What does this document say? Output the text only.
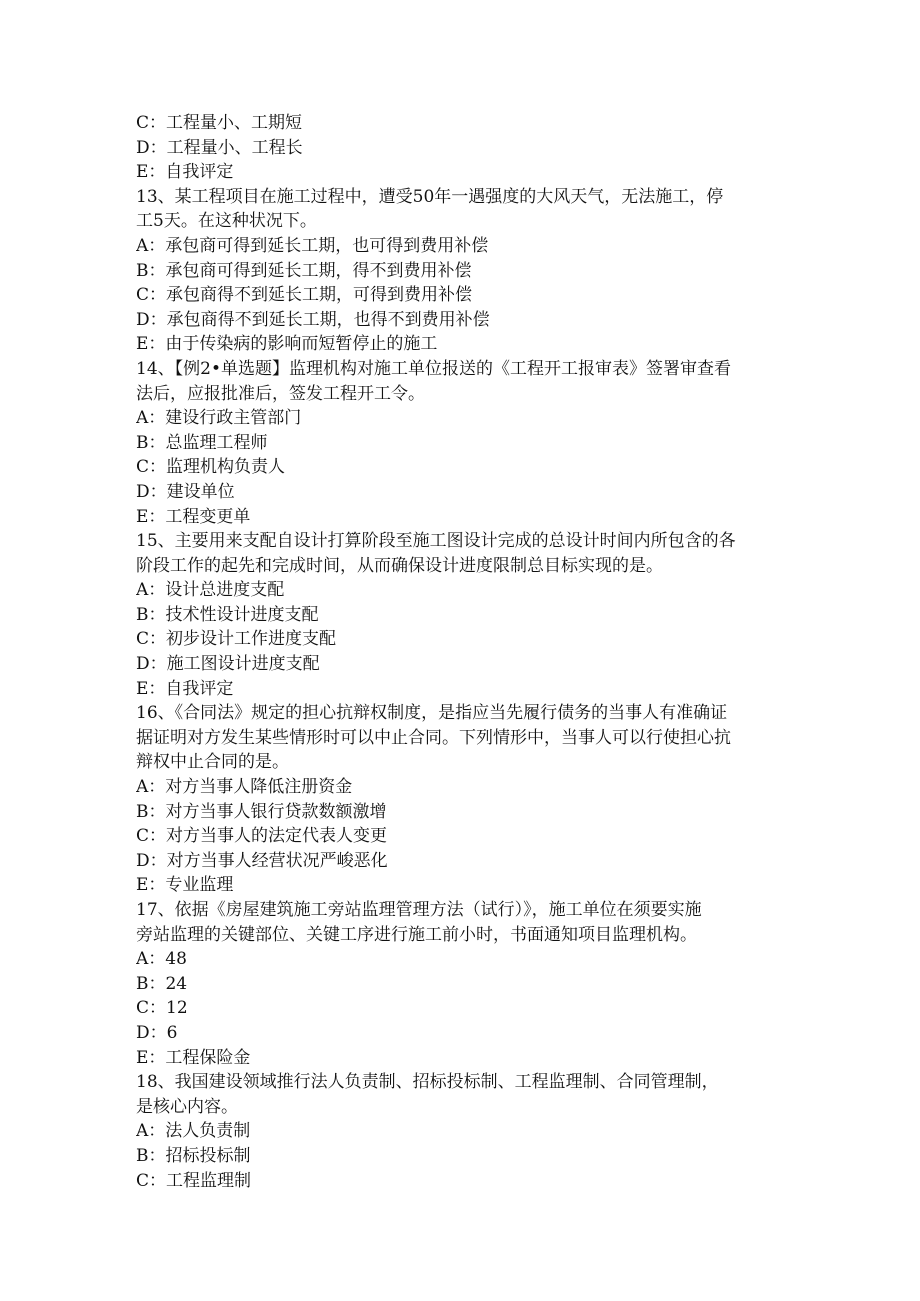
C：工程量小、工期短
D：工程量小、工程长
E：自我评定
13、某工程项目在施工过程中，遭受50年一遇强度的大风天气，无法施工，停
工5天。在这种状况下。
A：承包商可得到延长工期，也可得到费用补偿
B：承包商可得到延长工期，得不到费用补偿
C：承包商得不到延长工期，可得到费用补偿
D：承包商得不到延长工期，也得不到费用补偿
E：由于传染病的影响而短暂停止的施工
14、【例2•单选题】监理机构对施工单位报送的《工程开工报审表》签署审查看
法后，应报批准后，签发工程开工令。
A：建设行政主管部门
B：总监理工程师
C：监理机构负责人
D：建设单位
E：工程变更单
15、主要用来支配自设计打算阶段至施工图设计完成的总设计时间内所包含的各
阶段工作的起先和完成时间，从而确保设计进度限制总目标实现的是。
A：设计总进度支配
B：技术性设计进度支配
C：初步设计工作进度支配
D：施工图设计进度支配
E：自我评定
16、《合同法》规定的担心抗辩权制度，是指应当先履行债务的当事人有准确证
据证明对方发生某些情形时可以中止合同。下列情形中，当事人可以行使担心抗
辩权中止合同的是。
A：对方当事人降低注册资金
B：对方当事人银行贷款数额激增
C：对方当事人的法定代表人变更
D：对方当事人经营状况严峻恶化
E：专业监理
17、依据《房屋建筑施工旁站监理管理方法（试行）》，施工单位在须要实施
旁站监理的关键部位、关键工序进行施工前小时，书面通知项目监理机构。
A：48
B：24
C：12
D：6
E：工程保险金
18、我国建设领域推行法人负责制、招标投标制、工程监理制、合同管理制，
是核心内容。
A：法人负责制
B：招标投标制
C：工程监理制
